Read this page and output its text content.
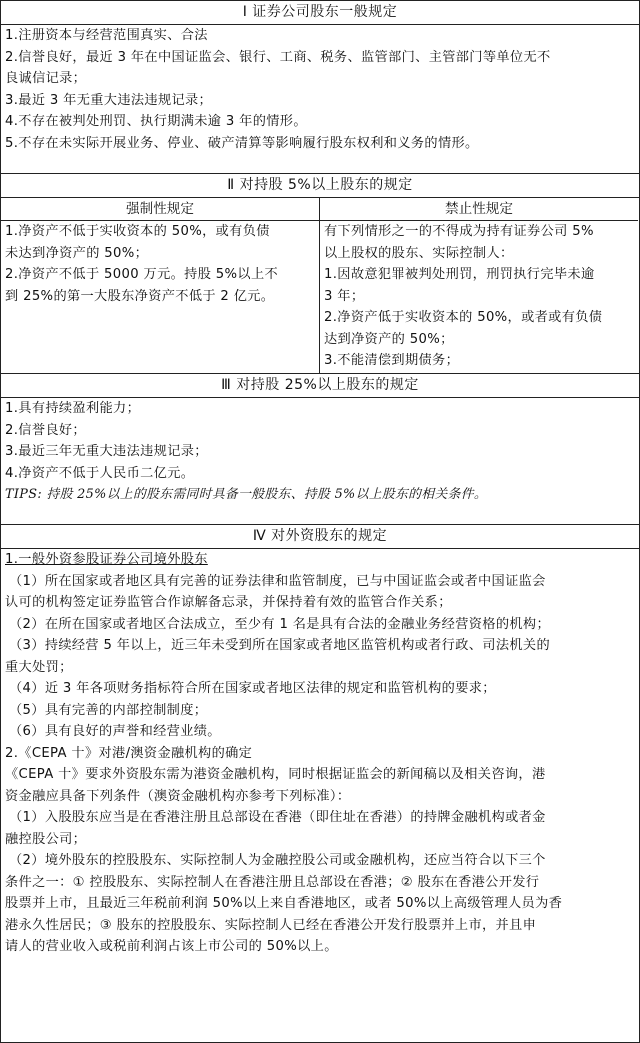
Ⅰ 证券公司股东一般规定
1.注册资本与经营范围真实、合法
2.信誉良好，最近 3 年在中国证监会、银行、工商、税务、监管部门、主管部门等单位无不
良诚信记录；
3.最近 3 年无重大违法违规记录；
4.不存在被判处刑罚、执行期满未逾 3 年的情形。
5.不存在未实际开展业务、停业、破产清算等影响履行股东权利和义务的情形。
Ⅱ 对持股 5%以上股东的规定
强制性规定
1.净资产不低于实收资本的 50%，或有负债
未达到净资产的 50%；
2.净资产不低于 5000 万元。持股 5%以上不
到 25%的第一大股东净资产不低于 2 亿元。
禁止性规定
有下列情形之一的不得成为持有证券公司 5%
以上股权的股东、实际控制人：
1.因故意犯罪被判处刑罚，刑罚执行完毕未逾
3 年；
2.净资产低于实收资本的 50%，或者或有负债
达到净资产的 50%；
3.不能清偿到期债务；
Ⅲ 对持股 25%以上股东的规定
1.具有持续盈利能力；
2.信誉良好；
3.最近三年无重大违法违规记录；
4.净资产不低于人民币二亿元。
TIPS: 持股 25%以上的股东需同时具备一般股东、持股 5%以上股东的相关条件。
Ⅳ 对外资股东的规定
1.一般外资参股证券公司境外股东
（1）所在国家或者地区具有完善的证券法律和监管制度，已与中国证监会或者中国证监会
认可的机构签定证券监管合作谅解备忘录，并保持着有效的监管合作关系；
（2）在所在国家或者地区合法成立，至少有 1 名是具有合法的金融业务经营资格的机构；
（3）持续经营 5 年以上，近三年未受到所在国家或者地区监管机构或者行政、司法机关的
重大处罚；
（4）近 3 年各项财务指标符合所在国家或者地区法律的规定和监管机构的要求；
（5）具有完善的内部控制制度；
（6）具有良好的声誉和经营业绩。
2.《CEPA 十》对港/澳资金融机构的确定
《CEPA 十》要求外资股东需为港资金融机构，同时根据证监会的新闻稿以及相关咨询，港
资金融应具备下列条件（澳资金融机构亦参考下列标准）：
（1）入股股东应当是在香港注册且总部设在香港（即住址在香港）的持牌金融机构或者金
融控股公司；
（2）境外股东的控股股东、实际控制人为金融控股公司或金融机构，还应当符合以下三个
条件之一：① 控股股东、实际控制人在香港注册且总部设在香港；② 股东在香港公开发行
股票并上市，且最近三年税前利润 50%以上来自香港地区，或者 50%以上高级管理人员为香
港永久性居民；③ 股东的控股股东、实际控制人已经在香港公开发行股票并上市，并且申
请人的营业收入或税前利润占该上市公司的 50%以上。
